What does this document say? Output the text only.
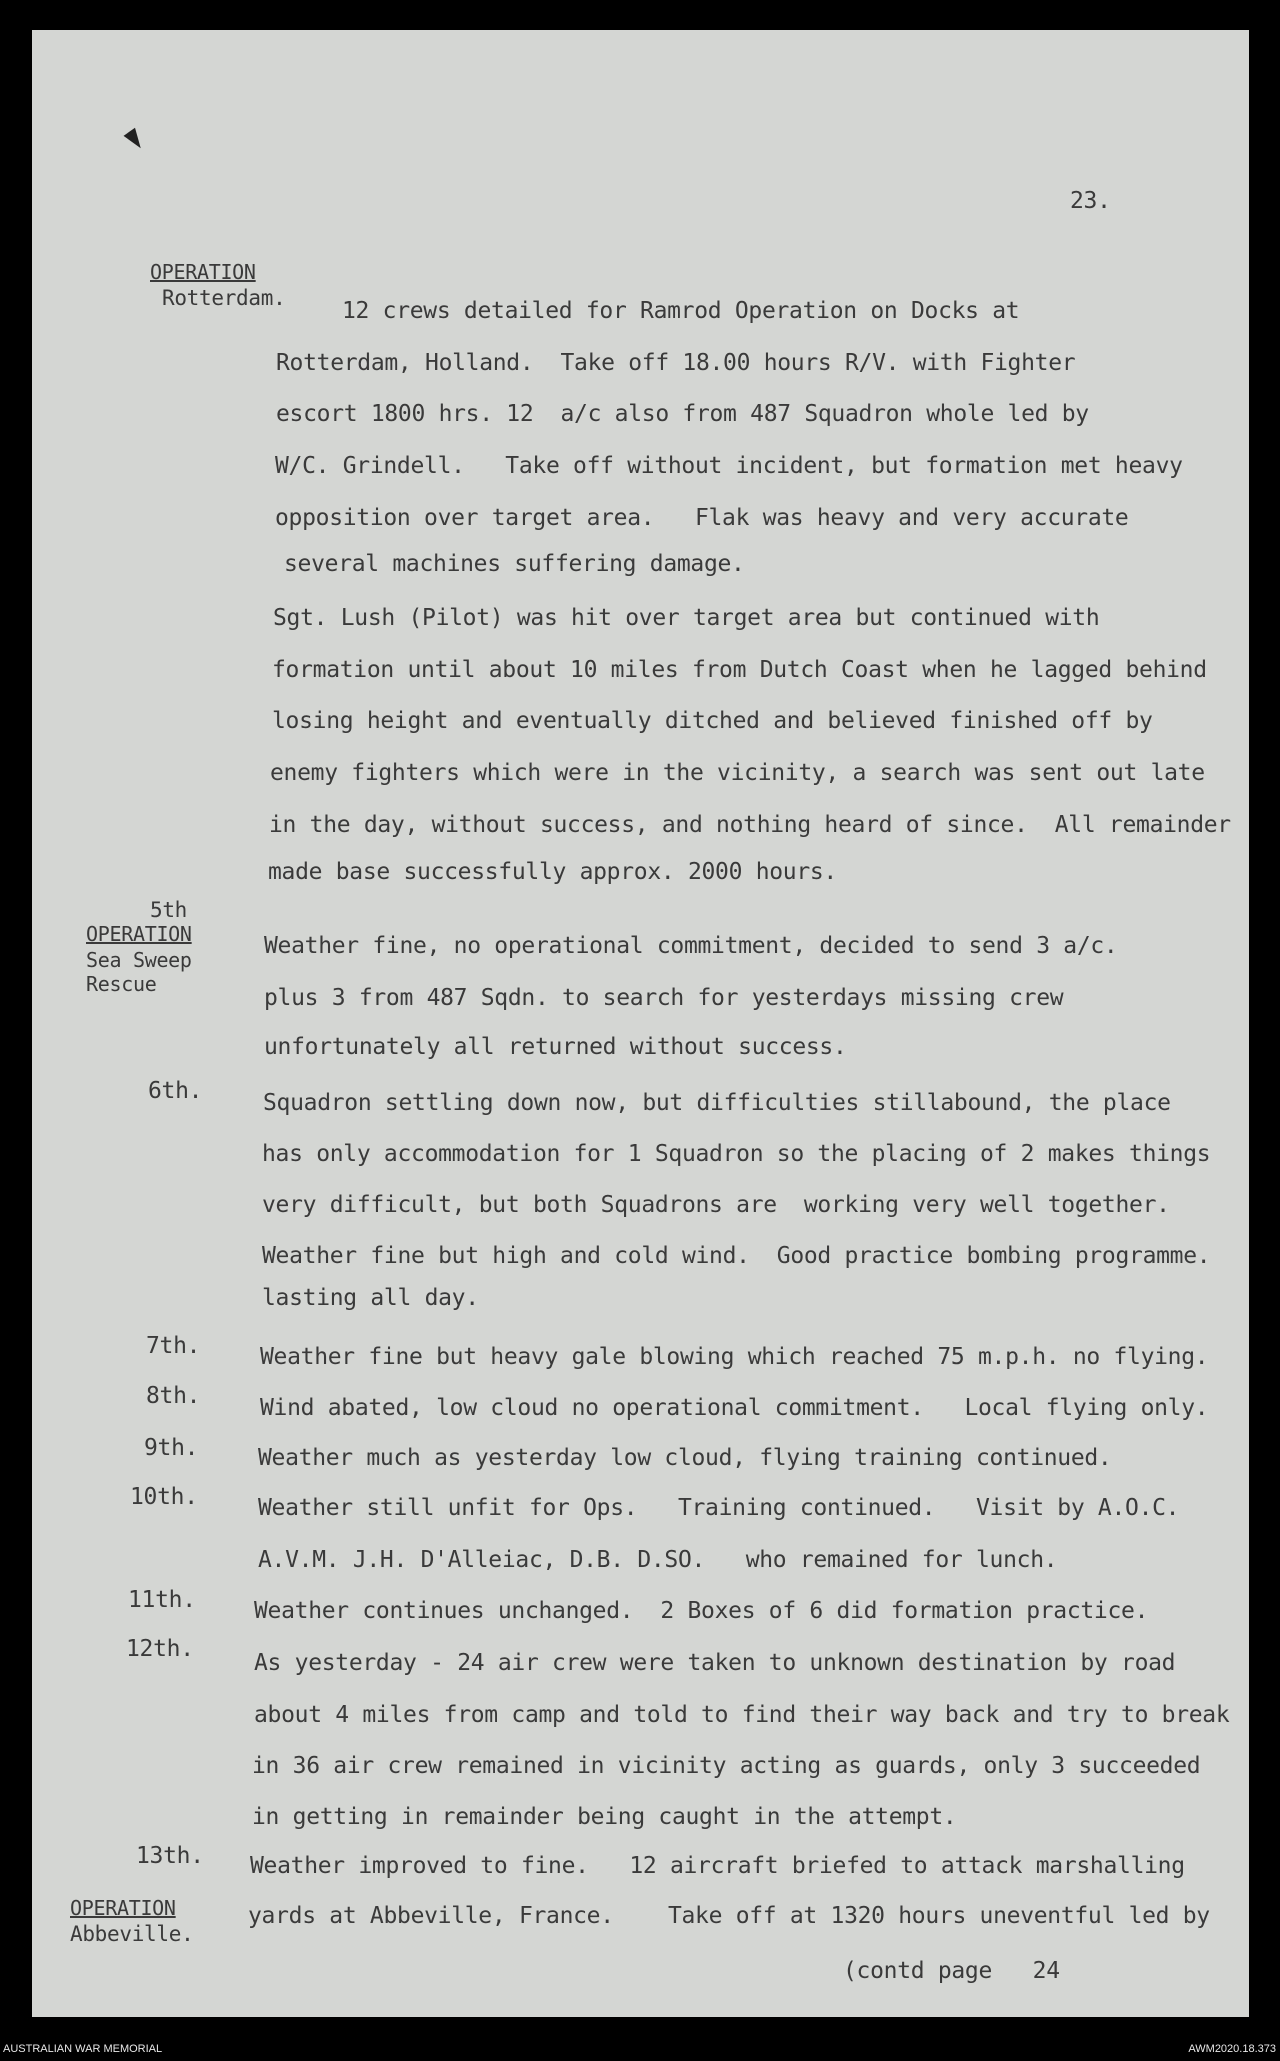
23.
OPERATION
Rotterdam.
5th
OPERATION
Sea Sweep
Rescue
6th.
7th.
8th.
9th.
10th.
11th.
12th.
13th.
OPERATION
Abbeville.
12 crews detailed for Ramrod Operation on Docks at
Rotterdam, Holland.  Take off 18.00 hours R/V. with Fighter
escort 1800 hrs. 12  a/c also from 487 Squadron whole led by
W/C. Grindell.   Take off without incident, but formation met heavy
opposition over target area.   Flak was heavy and very accurate
several machines suffering damage.
Sgt. Lush (Pilot) was hit over target area but continued with
formation until about 10 miles from Dutch Coast when he lagged behind
losing height and eventually ditched and believed finished off by
enemy fighters which were in the vicinity, a search was sent out late
in the day, without success, and nothing heard of since.  All remainder
made base successfully approx. 2000 hours.
Weather fine, no operational commitment, decided to send 3 a/c.
plus 3 from 487 Sqdn. to search for yesterdays missing crew
unfortunately all returned without success.
Squadron settling down now, but difficulties stillabound, the place
has only accommodation for 1 Squadron so the placing of 2 makes things
very difficult, but both Squadrons are  working very well together.
Weather fine but high and cold wind.  Good practice bombing programme.
lasting all day.
Weather fine but heavy gale blowing which reached 75 m.p.h. no flying.
Wind abated, low cloud no operational commitment.   Local flying only.
Weather much as yesterday low cloud, flying training continued.
Weather still unfit for Ops.   Training continued.   Visit by A.O.C.
A.V.M. J.H. D'Alleiac, D.B. D.SO.   who remained for lunch.
Weather continues unchanged.  2 Boxes of 6 did formation practice.
As yesterday - 24 air crew were taken to unknown destination by road
about 4 miles from camp and told to find their way back and try to break
in 36 air crew remained in vicinity acting as guards, only 3 succeeded
in getting in remainder being caught in the attempt.
Weather improved to fine.   12 aircraft briefed to attack marshalling
yards at Abbeville, France.    Take off at 1320 hours uneventful led by
(contd page   24
AUSTRALIAN WAR MEMORIAL	AWM2020.18.373
